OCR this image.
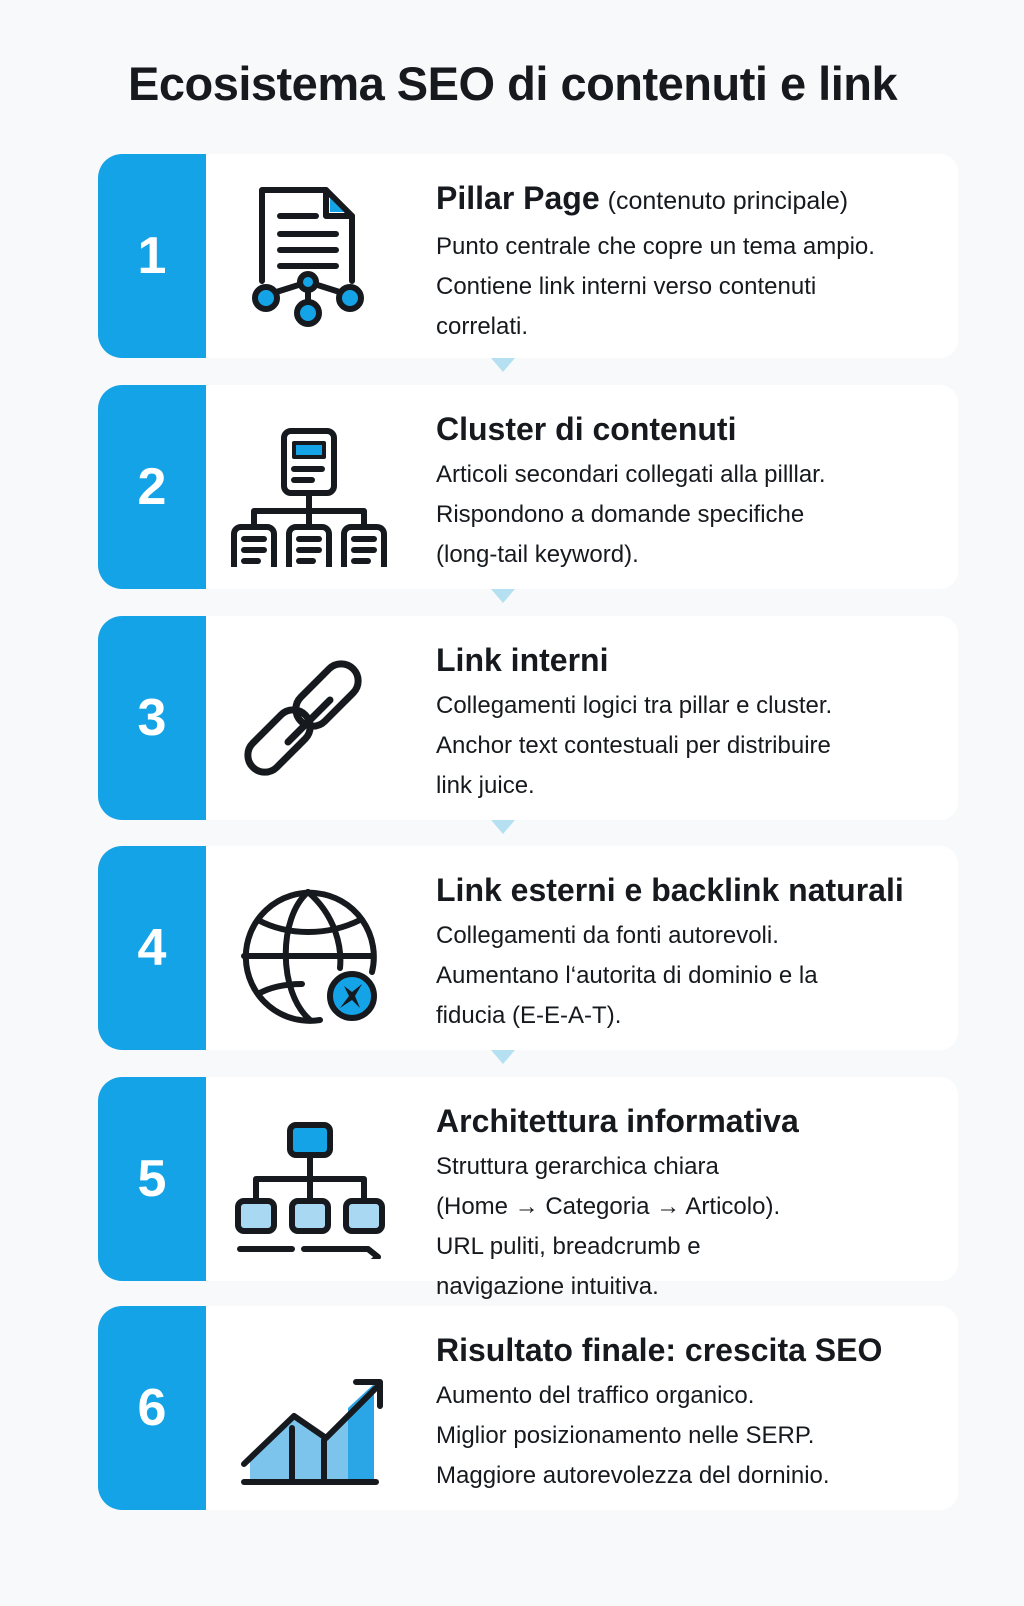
Ecosistema SEO di contenuti e link
1
Pillar Page (contenuto principale)
Punto centrale che copre un tema ampio.
Contiene link interni verso contenuti
correlati.
2
Cluster di contenuti
Articoli secondari collegati alla pilllar.
Rispondono a domande specifiche
(long-tail keyword).
3
Link interni
Collegamenti logici tra pillar e cluster.
Anchor text contestuali per distribuire
link juice.
4
Link esterni e backlink naturali
Collegamenti da fonti autorevoli.
Aumentano l‘autorita di dominio e la
fiducia (E-E-A-T).
5
Architettura informativa
Struttura gerarchica chiara
(Home → Categoria → Articolo).
URL puliti, breadcrumb e
navigazione intuitiva.
6
Risultato finale: crescita SEO
Aumento del traffico organico.
Miglior posizionamento nelle SERP.
Maggiore autorevolezza del dorninio.
